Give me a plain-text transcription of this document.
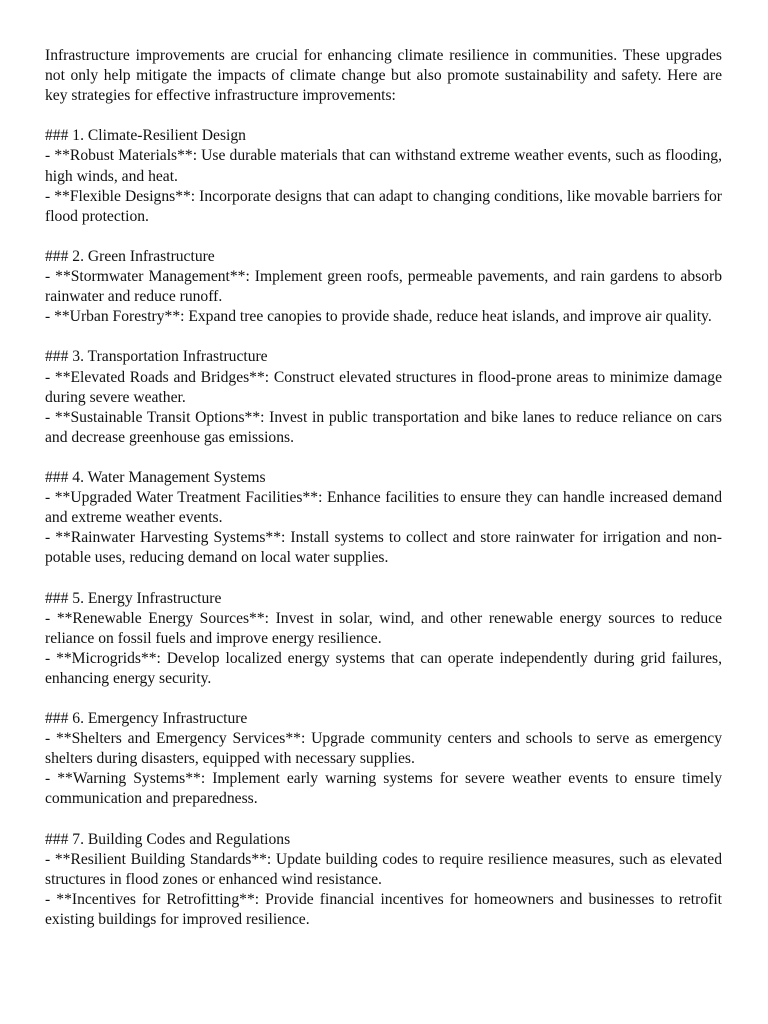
Infrastructure improvements are crucial for enhancing climate resilience in communities. These upgrades not only help mitigate the impacts of climate change but also promote sustainability and safety. Here are key strategies for effective infrastructure improvements:

### 1. Climate-Resilient Design

- **Robust Materials**: Use durable materials that can withstand extreme weather events, such as flooding, high winds, and heat.

- **Flexible Designs**: Incorporate designs that can adapt to changing conditions, like movable barriers for flood protection.

### 2. Green Infrastructure

- **Stormwater Management**: Implement green roofs, permeable pavements, and rain gardens to absorb rainwater and reduce runoff.

- **Urban Forestry**: Expand tree canopies to provide shade, reduce heat islands, and improve air quality.

### 3. Transportation Infrastructure

- **Elevated Roads and Bridges**: Construct elevated structures in flood-prone areas to minimize damage during severe weather.

- **Sustainable Transit Options**: Invest in public transportation and bike lanes to reduce reliance on cars and decrease greenhouse gas emissions.

### 4. Water Management Systems

- **Upgraded Water Treatment Facilities**: Enhance facilities to ensure they can handle increased demand and extreme weather events.

- **Rainwater Harvesting Systems**: Install systems to collect and store rainwater for irrigation and non-potable uses, reducing demand on local water supplies.

### 5. Energy Infrastructure

- **Renewable Energy Sources**: Invest in solar, wind, and other renewable energy sources to reduce reliance on fossil fuels and improve energy resilience.

- **Microgrids**: Develop localized energy systems that can operate independently during grid failures, enhancing energy security.

### 6. Emergency Infrastructure

- **Shelters and Emergency Services**: Upgrade community centers and schools to serve as emergency shelters during disasters, equipped with necessary supplies.

- **Warning Systems**: Implement early warning systems for severe weather events to ensure timely communication and preparedness.

### 7. Building Codes and Regulations

- **Resilient Building Standards**: Update building codes to require resilience measures, such as elevated structures in flood zones or enhanced wind resistance.

- **Incentives for Retrofitting**: Provide financial incentives for homeowners and businesses to retrofit existing buildings for improved resilience.
